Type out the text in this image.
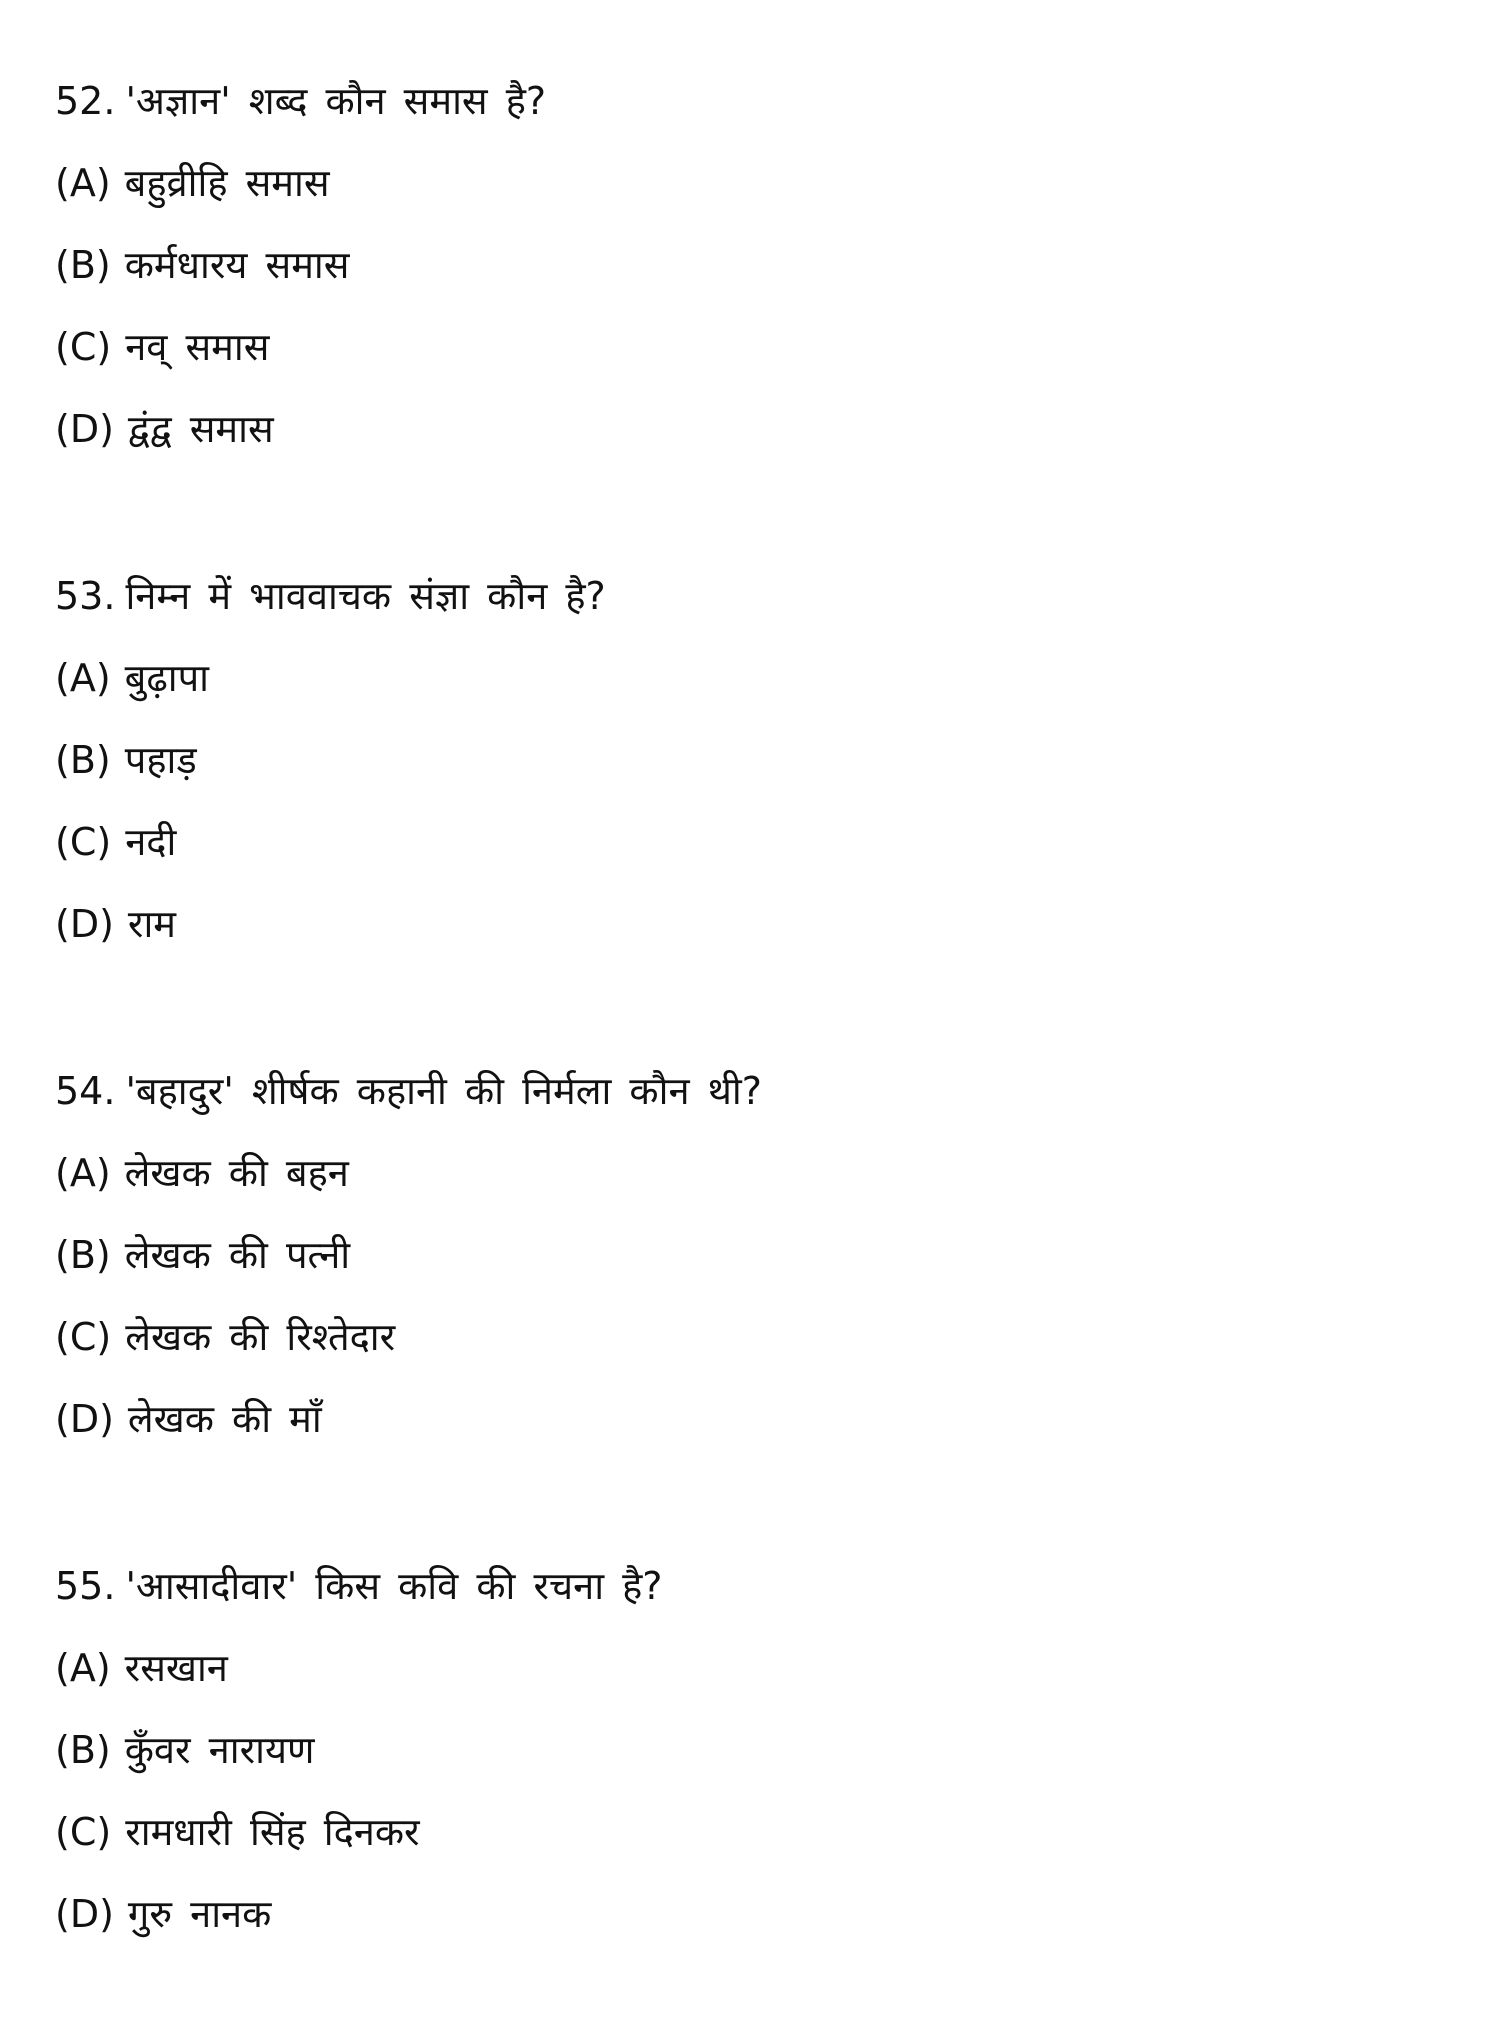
52. 'अज्ञान' शब्द कौन समास है?
(A) बहुव्रीहि समास
(B) कर्मधारय समास
(C) नव् समास
(D) द्वंद्व समास
53. निम्न में भाववाचक संज्ञा कौन है?
(A) बुढ़ापा
(B) पहाड़
(C) नदी
(D) राम
54. 'बहादुर' शीर्षक कहानी की निर्मला कौन थी?
(A) लेखक की बहन
(B) लेखक की पत्नी
(C) लेखक की रिश्तेदार
(D) लेखक की माँ
55. 'आसादीवार' किस कवि की रचना है?
(A) रसखान
(B) कुँवर नारायण
(C) रामधारी सिंह दिनकर
(D) गुरु नानक
